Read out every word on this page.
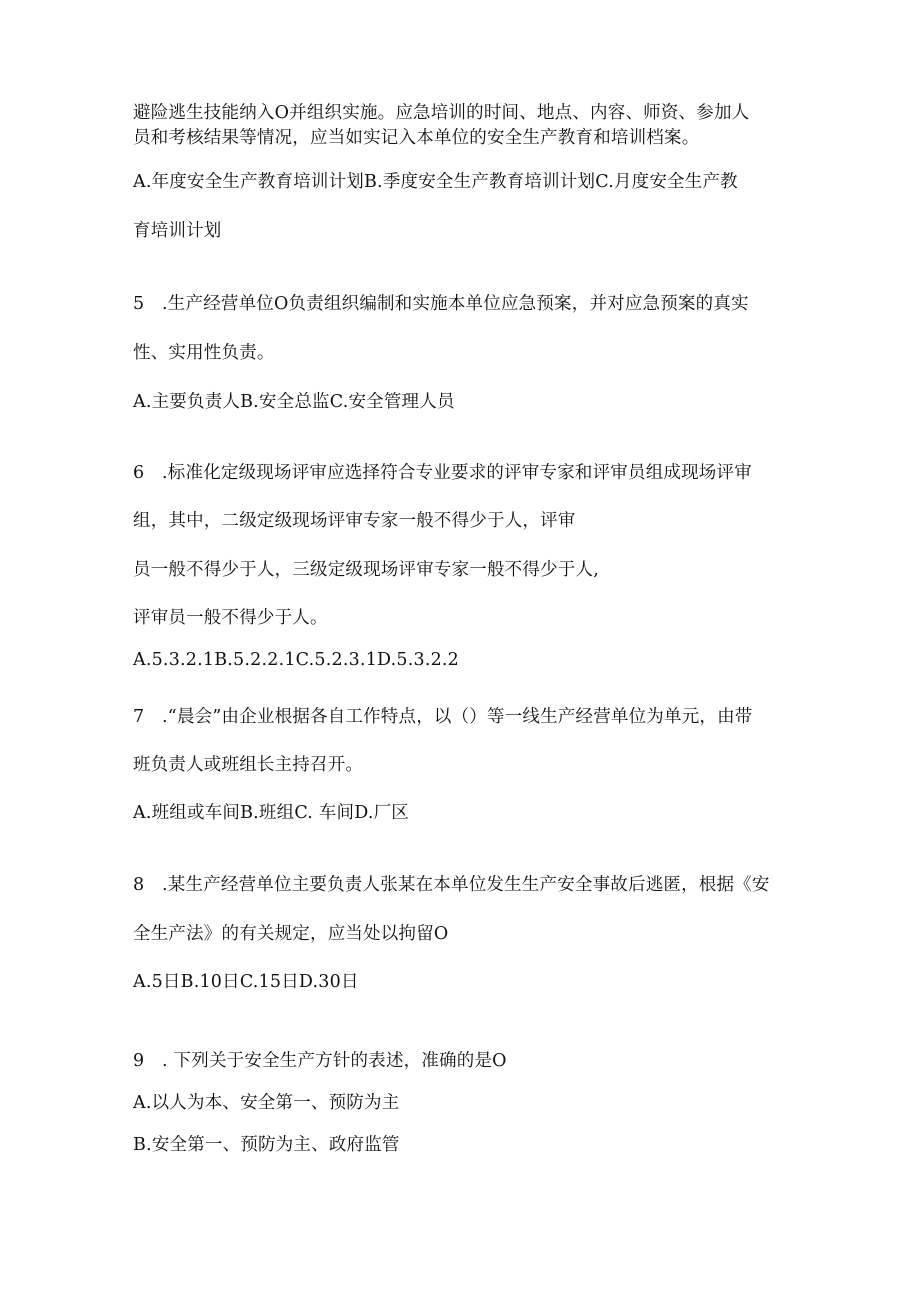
避险逃生技能纳入O并组织实施。应急培训的时间、地点、内容、师资、参加人
员和考核结果等情况，应当如实记入本单位的安全生产教育和培训档案。
A.年度安全生产教育培训计划B.季度安全生产教育培训计划C.月度安全生产教
育培训计划
5　.生产经营单位O负责组织编制和实施本单位应急预案，并对应急预案的真实
性、实用性负责。
A.主要负责人B.安全总监C.安全管理人员
6　.标准化定级现场评审应选择符合专业要求的评审专家和评审员组成现场评审
组，其中，二级定级现场评审专家一般不得少于人，评审
员一般不得少于人，三级定级现场评审专家一般不得少于人,
评审员一般不得少于人。
A.5.3.2.1B.5.2.2.1C.5.2.3.1D.5.3.2.2
7　.“晨会”由企业根据各自工作特点，以（）等一线生产经营单位为单元，由带
班负责人或班组长主持召开。
A.班组或车间B.班组C. 车间D.厂区
8　.某生产经营单位主要负责人张某在本单位发生生产安全事故后逃匿，根据《安
全生产法》的有关规定，应当处以拘留O
A.5日B.10日C.15日D.30日
9　. 下列关于安全生产方针的表述，准确的是O
A.以人为本、安全第一、预防为主
B.安全第一、预防为主、政府监管
